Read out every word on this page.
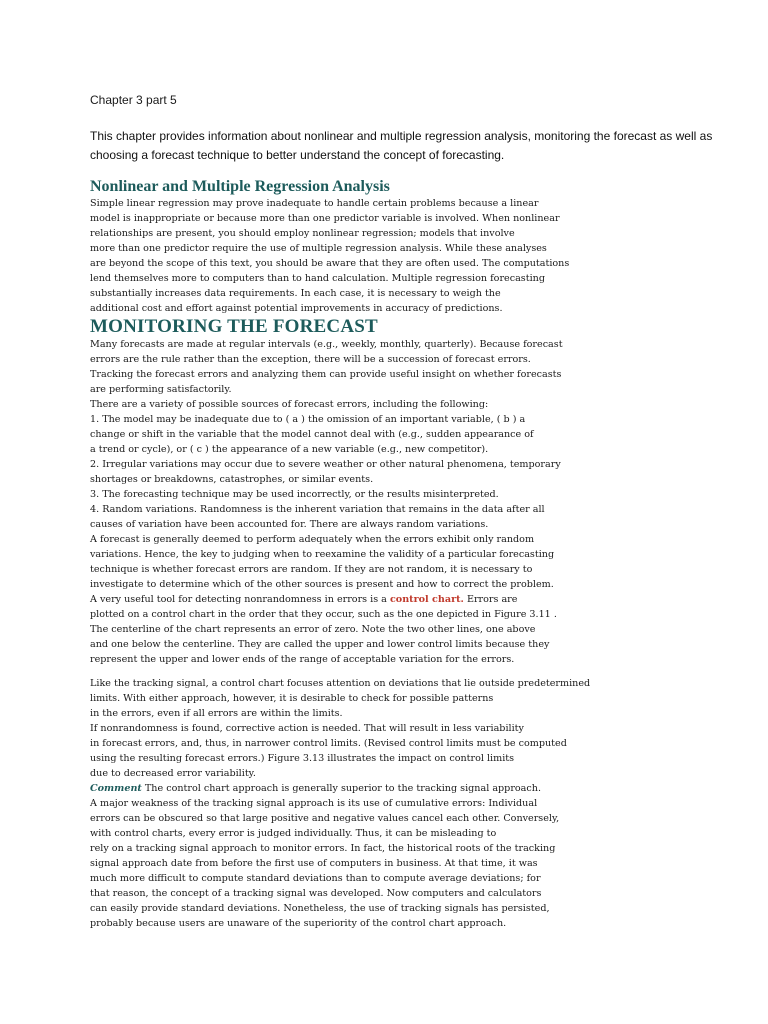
Chapter 3 part 5
This chapter provides information about nonlinear and multiple regression analysis, monitoring the forecast as well as choosing a forecast technique to better understand the concept of forecasting.
Nonlinear and Multiple Regression Analysis
Simple linear regression may prove inadequate to handle certain problems because a linear
model is inappropriate or because more than one predictor variable is involved. When nonlinear
relationships are present, you should employ nonlinear regression; models that involve
more than one predictor require the use of multiple regression analysis. While these analyses
are beyond the scope of this text, you should be aware that they are often used. The computations
lend themselves more to computers than to hand calculation. Multiple regression forecasting
substantially increases data requirements. In each case, it is necessary to weigh the
additional cost and effort against potential improvements in accuracy of predictions.
MONITORING THE FORECAST
Many forecasts are made at regular intervals (e.g., weekly, monthly, quarterly). Because forecast
errors are the rule rather than the exception, there will be a succession of forecast errors.
Tracking the forecast errors and analyzing them can provide useful insight on whether forecasts
are performing satisfactorily.
There are a variety of possible sources of forecast errors, including the following:
1. The model may be inadequate due to ( a ) the omission of an important variable, ( b ) a
change or shift in the variable that the model cannot deal with (e.g., sudden appearance of
a trend or cycle), or ( c ) the appearance of a new variable (e.g., new competitor).
2. Irregular variations may occur due to severe weather or other natural phenomena, temporary
shortages or breakdowns, catastrophes, or similar events.
3. The forecasting technique may be used incorrectly, or the results misinterpreted.
4. Random variations. Randomness is the inherent variation that remains in the data after all
causes of variation have been accounted for. There are always random variations.
A forecast is generally deemed to perform adequately when the errors exhibit only random
variations. Hence, the key to judging when to reexamine the validity of a particular forecasting
technique is whether forecast errors are random. If they are not random, it is necessary to
investigate to determine which of the other sources is present and how to correct the problem.
A very useful tool for detecting nonrandomness in errors is a control chart. Errors are
plotted on a control chart in the order that they occur, such as the one depicted in Figure 3.11 .
The centerline of the chart represents an error of zero. Note the two other lines, one above
and one below the centerline. They are called the upper and lower control limits because they
represent the upper and lower ends of the range of acceptable variation for the errors.
Like the tracking signal, a control chart focuses attention on deviations that lie outside predetermined
limits. With either approach, however, it is desirable to check for possible patterns
in the errors, even if all errors are within the limits.
If nonrandomness is found, corrective action is needed. That will result in less variability
in forecast errors, and, thus, in narrower control limits. (Revised control limits must be computed
using the resulting forecast errors.) Figure 3.13 illustrates the impact on control limits
due to decreased error variability.
Comment The control chart approach is generally superior to the tracking signal approach.
A major weakness of the tracking signal approach is its use of cumulative errors: Individual
errors can be obscured so that large positive and negative values cancel each other. Conversely,
with control charts, every error is judged individually. Thus, it can be misleading to
rely on a tracking signal approach to monitor errors. In fact, the historical roots of the tracking
signal approach date from before the first use of computers in business. At that time, it was
much more difficult to compute standard deviations than to compute average deviations; for
that reason, the concept of a tracking signal was developed. Now computers and calculators
can easily provide standard deviations. Nonetheless, the use of tracking signals has persisted,
probably because users are unaware of the superiority of the control chart approach.
